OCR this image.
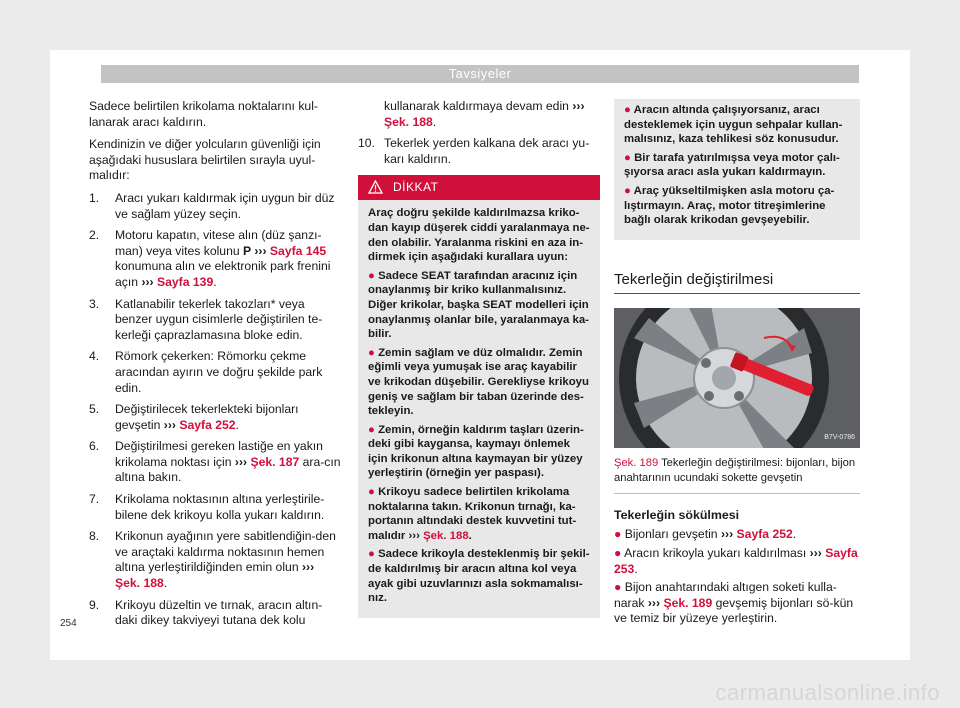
Tavsiyeler

Sadece belirtilen krikolama noktalarını kul-lanarak aracı kaldırın.

Kendinizin ve diğer yolcuların güvenliği için aşağıdaki hususlara belirtilen sırayla uyul-malıdır:

1. Aracı yukarı kaldırmak için uygun bir düz ve sağlam yüzey seçin.
2. Motoru kapatın, vitese alın (düz şanzı-man) veya vites kolunu P ››› Sayfa 145 konumuna alın ve elektronik park frenini açın ››› Sayfa 139.
3. Katlanabilir tekerlek takozları* veya benzer uygun cisimlerle değiştirilen te-kerleği çaprazlamasına bloke edin.
4. Römork çekerken: Römorku çekme aracından ayırın ve doğru şekilde park edin.
5. Değiştirilecek tekerlekteki bijonları gevşetin ››› Sayfa 252.
6. Değiştirilmesi gereken lastiğe en yakın krikolama noktası için ››› Şek. 187 ara-cın altına bakın.
7. Krikolama noktasının altına yerleştirile-bilene dek krikoyu kolla yukarı kaldırın.
8. Krikonun ayağının yere sabitlendiğin-den ve araçtaki kaldırma noktasının hemen altına yerleştirildiğinden emin olun ››› Şek. 188.
9. Krikoyu düzeltin ve tırnak, aracın altın-daki dikey takviyeyi tutana dek kolu
kullanarak kaldırmaya devam edin ››› Şek. 188.
10. Tekerlek yerden kalkana dek aracı yu-karı kaldırın.
DİKKAT
Araç doğru şekilde kaldırılmazsa kriko-dan kayıp düşerek ciddi yaralanmaya ne-den olabilir. Yaralanma riskini en aza in-dirmek için aşağıdaki kurallara uyun:
● Sadece SEAT tarafından aracınız için onaylanmış bir kriko kullanmalısınız. Diğer krikolar, başka SEAT modelleri için onaylanmış olanlar bile, yaralanmaya ka-bilir.
● Zemin sağlam ve düz olmalıdır. Zemin eğimli veya yumuşak ise araç kayabilir ve krikodan düşebilir. Gerekliyse krikoyu geniş ve sağlam bir taban üzerinde des-tekleyin.
● Zemin, örneğin kaldırım taşları üzerin-deki gibi kaygansa, kaymayı önlemek için krikonun altına kaymayan bir yüzey yerleştirin (örneğin yer paspası).
● Krikoyu sadece belirtilen krikolama noktalarına takın. Krikonun tırnağı, ka-portanın altındaki destek kuvvetini tut-malıdır ››› Şek. 188.
● Sadece krikoyla desteklenmiş bir şekil-de kaldırılmış bir aracın altına kol veya ayak gibi uzuvlarınızı asla sokmamalısı-nız.
● Aracın altında çalışıyorsanız, aracı desteklemek için uygun sehpalar kullan-malısınız, kaza tehlikesi söz konusudur.
● Bir tarafa yatırılmışsa veya motor çalı-şıyorsa aracı asla yukarı kaldırmayın.
● Araç yükseltilmişken asla motoru ça-lıştırmayın. Araç, motor titreşimlerine bağlı olarak krikodan gevşeyebilir.
Tekerleğin değiştirilmesi
B7V-0786
Şek. 189 Tekerleğin değiştirilmesi: bijonları, bijon anahtarının ucundaki sokette gevşetin
Tekerleğin sökülmesi
● Bijonları gevşetin ››› Sayfa 252.
● Aracın krikoyla yukarı kaldırılması ››› Sayfa 253.
● Bijon anahtarındaki altıgen soketi kulla-narak ››› Şek. 189 gevşemiş bijonları sö-kün ve temiz bir yüzeye yerleştirin.
254
carmanualsonline.info
